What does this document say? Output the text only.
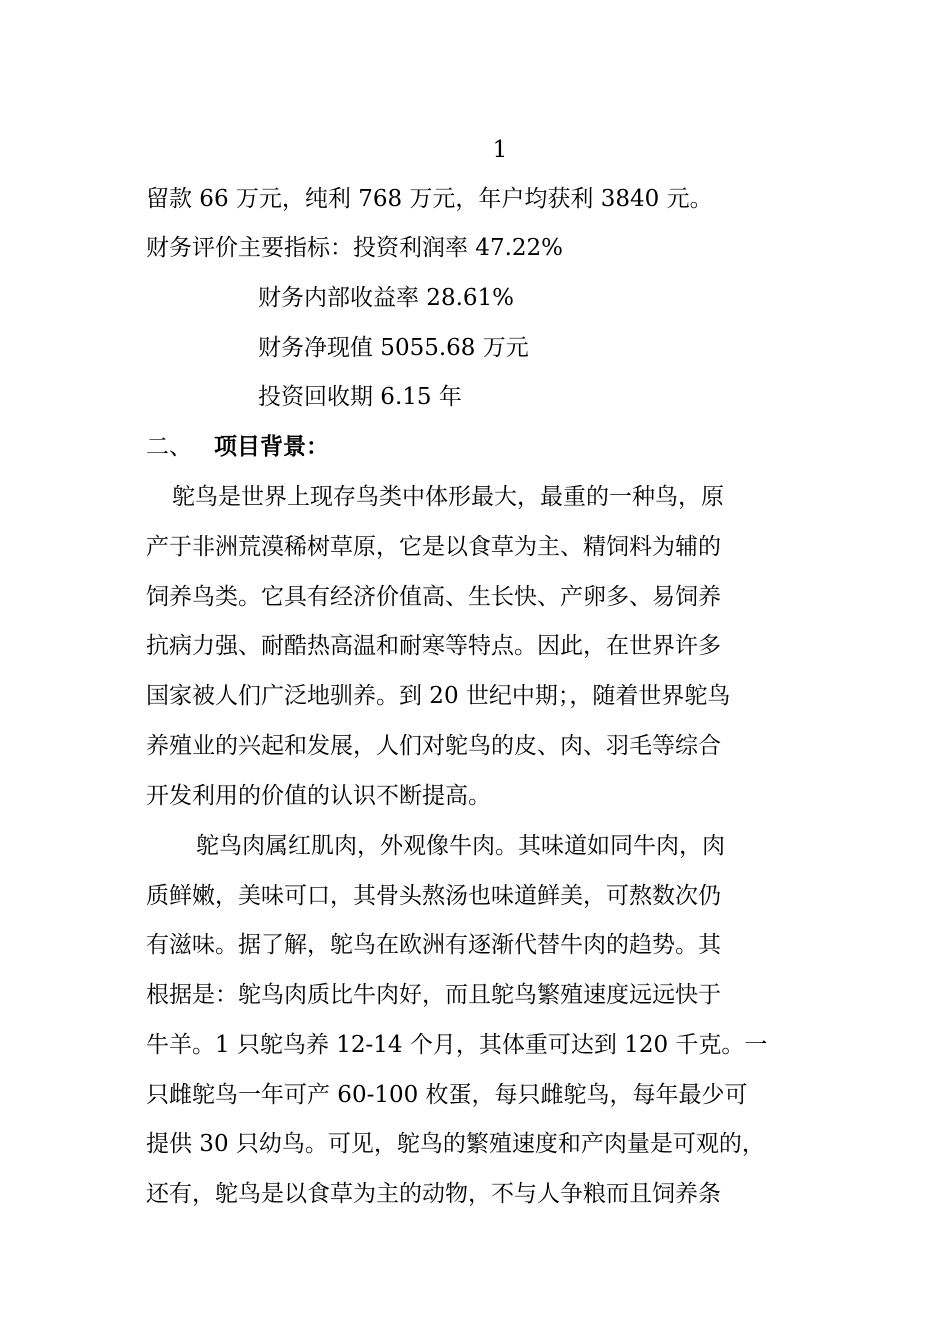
1
留款 66 万元，纯利 768 万元，年户均获利 3840 元。
财务评价主要指标：投资利润率 47.22%
财务内部收益率 28.61%
财务净现值 5055.68 万元
投资回收期 6.15 年
二、 项目背景：
鸵鸟是世界上现存鸟类中体形最大，最重的一种鸟，原
产于非洲荒漠稀树草原，它是以食草为主、精饲料为辅的
饲养鸟类。它具有经济价值高、生长快、产卵多、易饲养
抗病力强、耐酷热高温和耐寒等特点。因此，在世界许多
国家被人们广泛地驯养。到 20 世纪中期；，随着世界鸵鸟
养殖业的兴起和发展，人们对鸵鸟的皮、肉、羽毛等综合
开发利用的价值的认识不断提高。
鸵鸟肉属红肌肉，外观像牛肉。其味道如同牛肉，肉
质鲜嫩，美味可口，其骨头熬汤也味道鲜美，可熬数次仍
有滋味。据了解，鸵鸟在欧洲有逐渐代替牛肉的趋势。其
根据是：鸵鸟肉质比牛肉好，而且鸵鸟繁殖速度远远快于
牛羊。1 只鸵鸟养 12-14 个月，其体重可达到 120 千克。一
只雌鸵鸟一年可产 60-100 枚蛋，每只雌鸵鸟，每年最少可
提供 30 只幼鸟。可见，鸵鸟的繁殖速度和产肉量是可观的，
还有，鸵鸟是以食草为主的动物，不与人争粮而且饲养条
